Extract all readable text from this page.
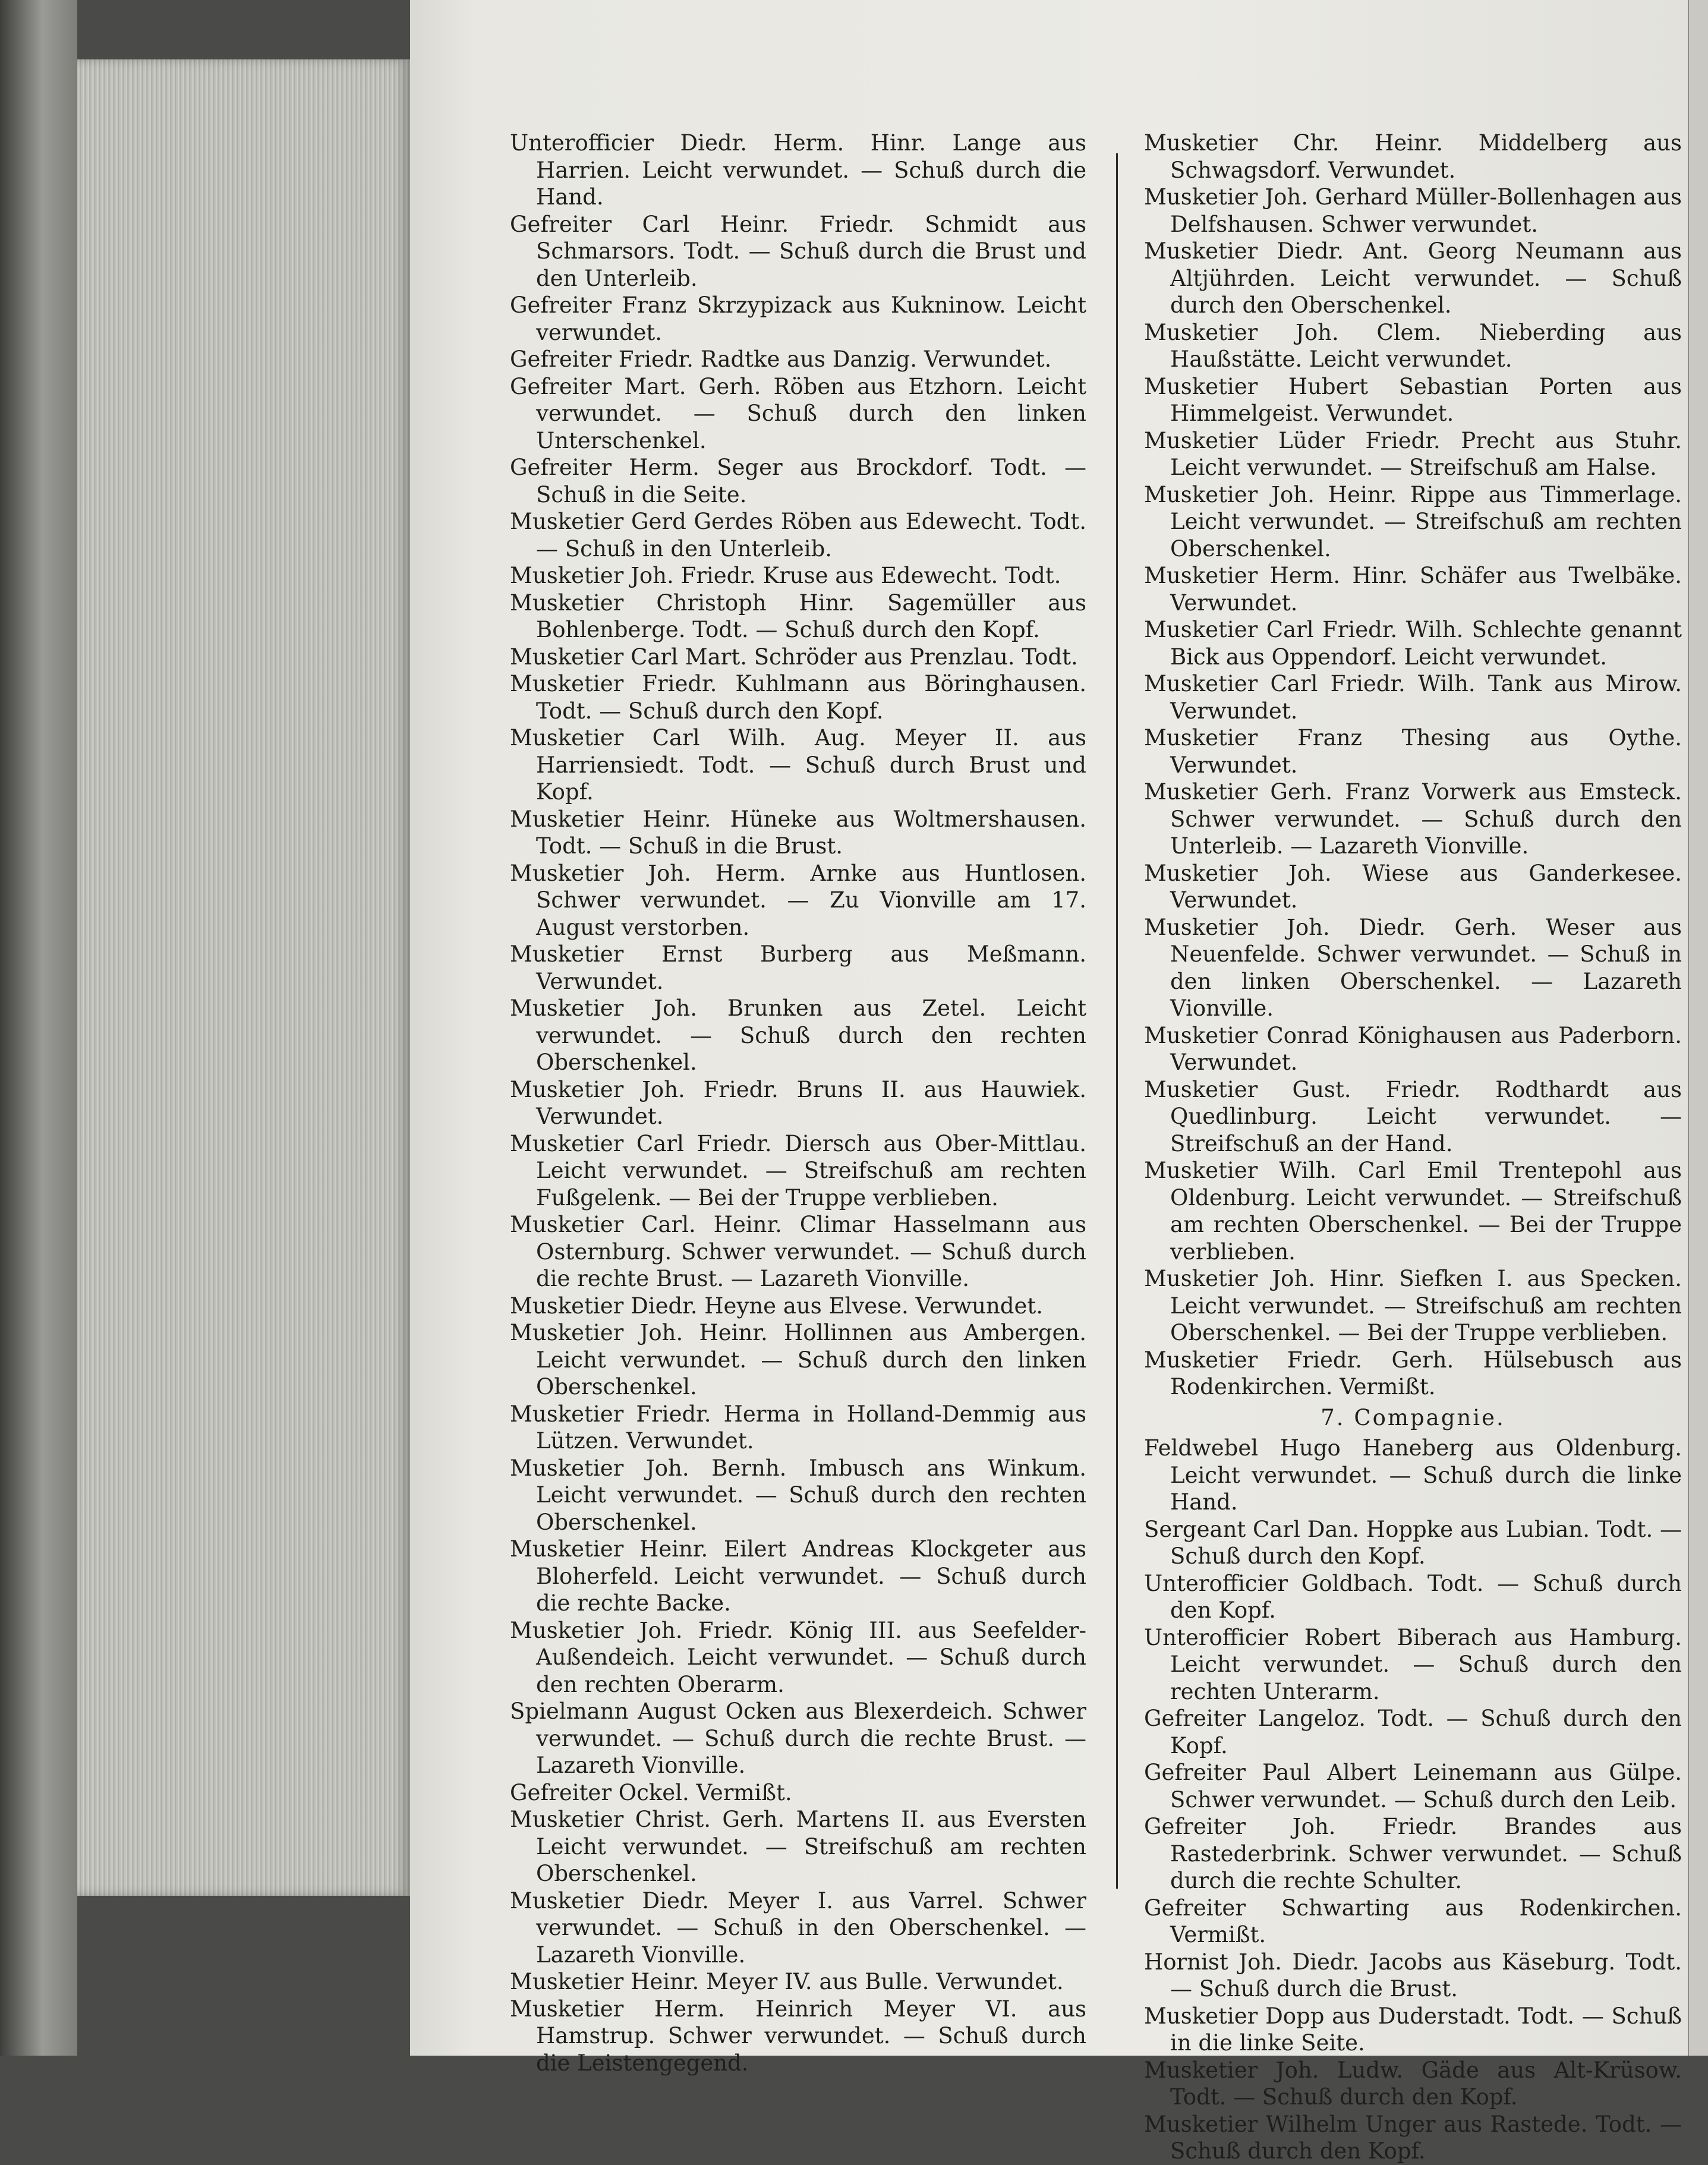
Unterofficier Diedr. Herm. Hinr. Lange aus Harrien. Leicht verwundet. — Schuß durch die Hand.
Gefreiter Carl Heinr. Friedr. Schmidt aus Schmarsors. Todt. — Schuß durch die Brust und den Unterleib.
Gefreiter Franz Skrzypizack aus Kukninow. Leicht verwundet.
Gefreiter Friedr. Radtke aus Danzig. Verwundet.
Gefreiter Mart. Gerh. Röben aus Etzhorn. Leicht verwundet. — Schuß durch den linken Unterschenkel.
Gefreiter Herm. Seger aus Brockdorf. Todt. — Schuß in die Seite.
Musketier Gerd Gerdes Röben aus Edewecht. Todt. — Schuß in den Unterleib.
Musketier Joh. Friedr. Kruse aus Edewecht. Todt.
Musketier Christoph Hinr. Sagemüller aus Bohlenberge. Todt. — Schuß durch den Kopf.
Musketier Carl Mart. Schröder aus Prenzlau. Todt.
Musketier Friedr. Kuhlmann aus Böringhausen. Todt. — Schuß durch den Kopf.
Musketier Carl Wilh. Aug. Meyer II. aus Harriensiedt. Todt. — Schuß durch Brust und Kopf.
Musketier Heinr. Hüneke aus Woltmershausen. Todt. — Schuß in die Brust.
Musketier Joh. Herm. Arnke aus Huntlosen. Schwer verwundet. — Zu Vionville am 17. August verstorben.
Musketier Ernst Burberg aus Meßmann. Verwundet.
Musketier Joh. Brunken aus Zetel. Leicht verwundet. — Schuß durch den rechten Oberschenkel.
Musketier Joh. Friedr. Bruns II. aus Hauwiek. Verwundet.
Musketier Carl Friedr. Diersch aus Ober-Mittlau. Leicht verwundet. — Streifschuß am rechten Fußgelenk. — Bei der Truppe verblieben.
Musketier Carl. Heinr. Climar Hasselmann aus Osternburg. Schwer verwundet. — Schuß durch die rechte Brust. — Lazareth Vionville.
Musketier Diedr. Heyne aus Elvese. Verwundet.
Musketier Joh. Heinr. Hollinnen aus Ambergen. Leicht verwundet. — Schuß durch den linken Oberschenkel.
Musketier Friedr. Herma in Holland-Demmig aus Lützen. Verwundet.
Musketier Joh. Bernh. Imbusch ans Winkum. Leicht verwundet. — Schuß durch den rechten Oberschenkel.
Musketier Heinr. Eilert Andreas Klockgeter aus Bloherfeld. Leicht verwundet. — Schuß durch die rechte Backe.
Musketier Joh. Friedr. König III. aus Seefelder-Außendeich. Leicht verwundet. — Schuß durch den rechten Oberarm.
Spielmann August Ocken aus Blexerdeich. Schwer verwundet. — Schuß durch die rechte Brust. — Lazareth Vionville.
Gefreiter Ockel. Vermißt.
Musketier Christ. Gerh. Martens II. aus Eversten Leicht verwundet. — Streifschuß am rechten Oberschenkel.
Musketier Diedr. Meyer I. aus Varrel. Schwer verwundet. — Schuß in den Oberschenkel. — Lazareth Vionville.
Musketier Heinr. Meyer IV. aus Bulle. Verwundet.
Musketier Herm. Heinrich Meyer VI. aus Hamstrup. Schwer verwundet. — Schuß durch die Leistengegend.
Musketier Chr. Heinr. Middelberg aus Schwagsdorf. Verwundet.
Musketier Joh. Gerhard Müller-Bollenhagen aus Delfshausen. Schwer verwundet.
Musketier Diedr. Ant. Georg Neumann aus Altjührden. Leicht verwundet. — Schuß durch den Oberschenkel.
Musketier Joh. Clem. Nieberding aus Haußstätte. Leicht verwundet.
Musketier Hubert Sebastian Porten aus Himmelgeist. Verwundet.
Musketier Lüder Friedr. Precht aus Stuhr. Leicht verwundet. — Streifschuß am Halse.
Musketier Joh. Heinr. Rippe aus Timmerlage. Leicht verwundet. — Streifschuß am rechten Oberschenkel.
Musketier Herm. Hinr. Schäfer aus Twelbäke. Verwundet.
Musketier Carl Friedr. Wilh. Schlechte genannt Bick aus Oppendorf. Leicht verwundet.
Musketier Carl Friedr. Wilh. Tank aus Mirow. Verwundet.
Musketier Franz Thesing aus Oythe. Verwundet.
Musketier Gerh. Franz Vorwerk aus Emsteck. Schwer verwundet. — Schuß durch den Unterleib. — Lazareth Vionville.
Musketier Joh. Wiese aus Ganderkesee. Verwundet.
Musketier Joh. Diedr. Gerh. Weser aus Neuenfelde. Schwer verwundet. — Schuß in den linken Oberschenkel. — Lazareth Vionville.
Musketier Conrad Könighausen aus Paderborn. Verwundet.
Musketier Gust. Friedr. Rodthardt aus Quedlinburg. Leicht verwundet. — Streifschuß an der Hand.
Musketier Wilh. Carl Emil Trentepohl aus Oldenburg. Leicht verwundet. — Streifschuß am rechten Oberschenkel. — Bei der Truppe verblieben.
Musketier Joh. Hinr. Siefken I. aus Specken. Leicht verwundet. — Streifschuß am rechten Oberschenkel. — Bei der Truppe verblieben.
Musketier Friedr. Gerh. Hülsebusch aus Rodenkirchen. Vermißt.
7. Compagnie.
Feldwebel Hugo Haneberg aus Oldenburg. Leicht verwundet. — Schuß durch die linke Hand.
Sergeant Carl Dan. Hoppke aus Lubian. Todt. — Schuß durch den Kopf.
Unterofficier Goldbach. Todt. — Schuß durch den Kopf.
Unterofficier Robert Biberach aus Hamburg. Leicht verwundet. — Schuß durch den rechten Unterarm.
Gefreiter Langeloz. Todt. — Schuß durch den Kopf.
Gefreiter Paul Albert Leinemann aus Gülpe. Schwer verwundet. — Schuß durch den Leib.
Gefreiter Joh. Friedr. Brandes aus Rastederbrink. Schwer verwundet. — Schuß durch die rechte Schulter.
Gefreiter Schwarting aus Rodenkirchen. Vermißt.
Hornist Joh. Diedr. Jacobs aus Käseburg. Todt. — Schuß durch die Brust.
Musketier Dopp aus Duderstadt. Todt. — Schuß in die linke Seite.
Musketier Joh. Ludw. Gäde aus Alt-Krüsow. Todt. — Schuß durch den Kopf.
Musketier Wilhelm Unger aus Rastede. Todt. — Schuß durch den Kopf.
